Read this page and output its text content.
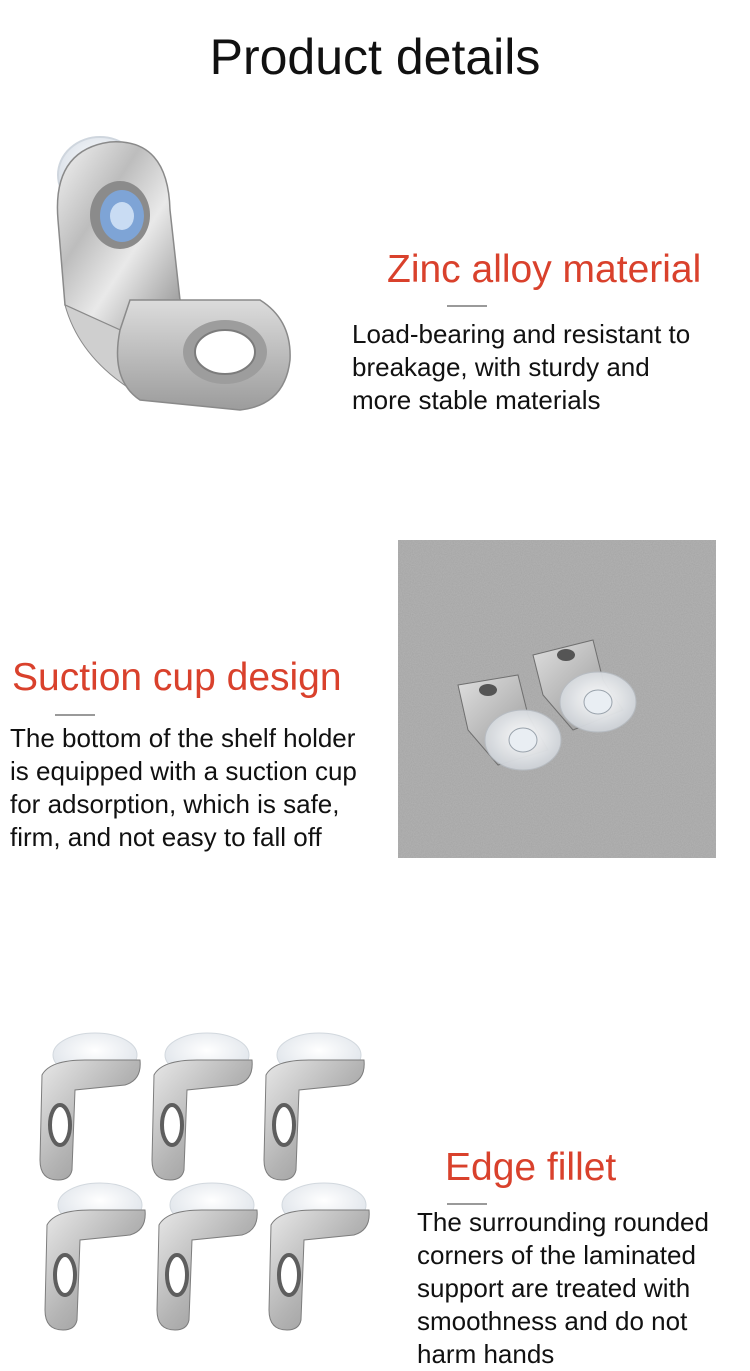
Product details
Zinc alloy material
Load-bearing and resistant to
breakage, with sturdy and
more stable materials
Suction cup design
The bottom of the shelf holder
is equipped with a suction cup
for adsorption, which is safe,
firm, and not easy to fall off
Edge fillet
The surrounding rounded
corners of the laminated
support are treated with
smoothness and do not
harm hands
